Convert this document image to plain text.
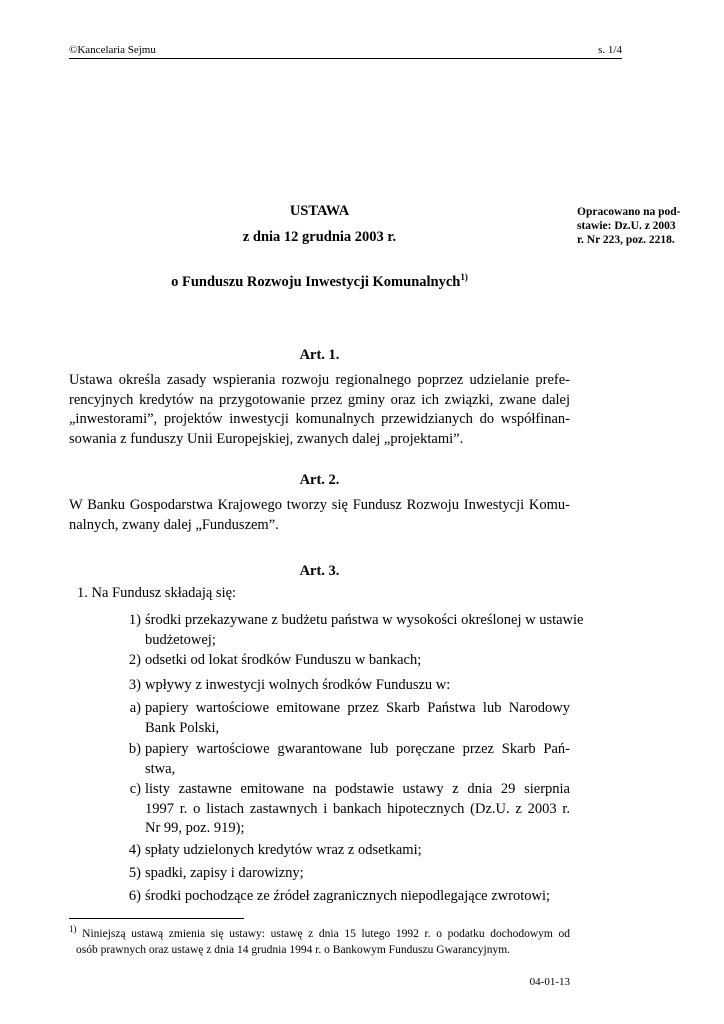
©Kancelaria Sejmu	s. 1/4
Opracowano na pod-
stawie: Dz.U. z 2003
r. Nr 223, poz. 2218.
USTAWA
z dnia 12 grudnia 2003 r.
o Funduszu Rozwoju Inwestycji Komunalnych$^{1)}$
Art. 1.
Ustawa określa zasady wspierania rozwoju regionalnego poprzez udzielanie prefe-
rencyjnych kredytów na przygotowanie przez gminy oraz ich związki, zwane dalej
„inwestorami”, projektów inwestycji komunalnych przewidzianych do współfinan-
sowania z funduszy Unii Europejskiej, zwanych dalej „projektami”.
Art. 2.
W Banku Gospodarstwa Krajowego tworzy się Fundusz Rozwoju Inwestycji Komu-
nalnych, zwany dalej „Funduszem”.
Art. 3.
1. Na Fundusz składają się:
1) środki przekazywane z budżetu państwa w wysokości określonej w ustawie
budżetowej;
2) odsetki od lokat środków Funduszu w bankach;
3) wpływy z inwestycji wolnych środków Funduszu w:
a) papiery wartościowe emitowane przez Skarb Państwa lub Narodowy
Bank Polski,
b) papiery wartościowe gwarantowane lub poręczane przez Skarb Pań-
stwa,
c) listy zastawne emitowane na podstawie ustawy z dnia 29 sierpnia
1997 r. o listach zastawnych i bankach hipotecznych (Dz.U. z 2003 r.
Nr 99, poz. 919);
4) spłaty udzielonych kredytów wraz z odsetkami;
5) spadki, zapisy i darowizny;
6) środki pochodzące ze źródeł zagranicznych niepodlegające zwrotowi;
$^{1)}$ Niniejszą ustawą zmienia się ustawy: ustawę z dnia 15 lutego 1992 r. o podatku dochodowym od
osób prawnych oraz ustawę z dnia 14 grudnia 1994 r. o Bankowym Funduszu Gwarancyjnym.
04-01-13
